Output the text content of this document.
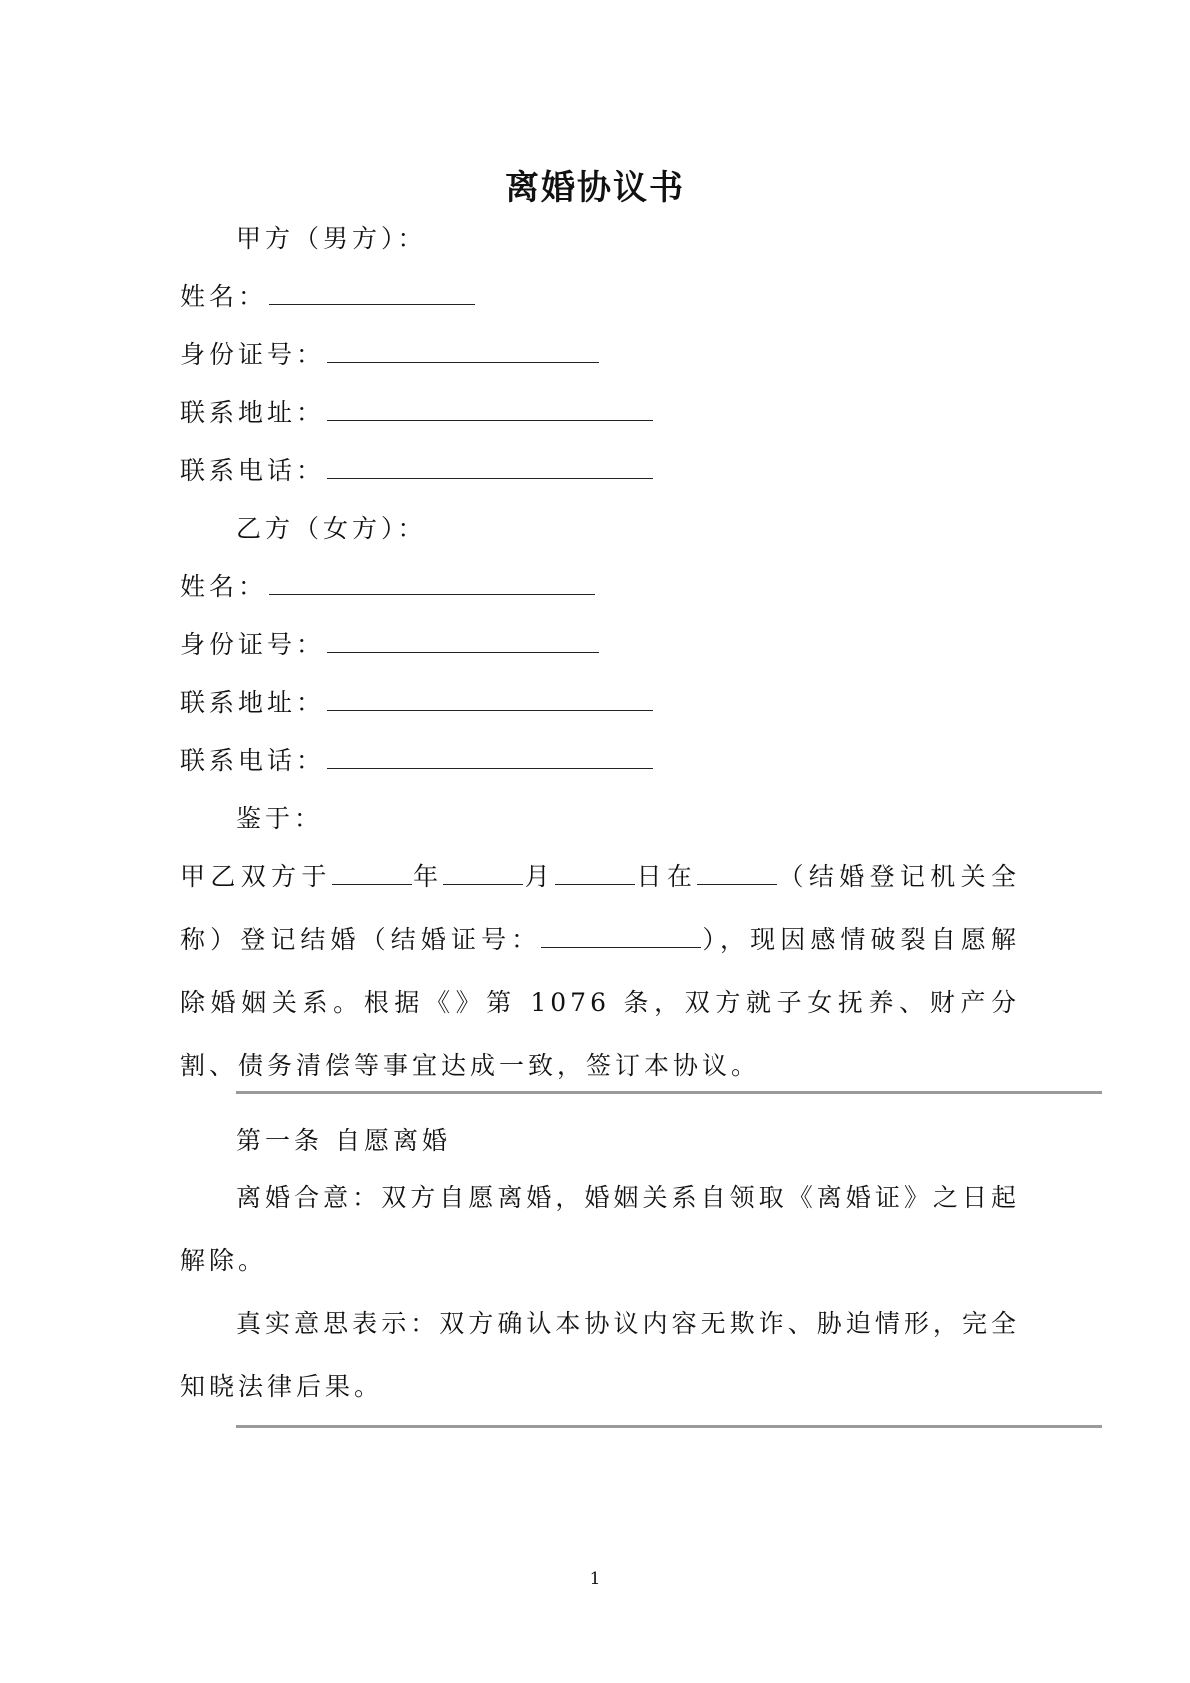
离婚协议书
甲方（男方）：
姓名：
身份证号：
联系地址：
联系电话：
乙方（女方）：
姓名：
身份证号：
联系地址：
联系电话：
鉴于：
甲乙双方于	年	月	日在	（结婚登记机关全称）登记结婚（结婚证号：	），现因感情破裂自愿解除婚姻关系。根据《》第 1076 条，双方就子女抚养、财产分割、债务清偿等事宜达成一致，签订本协议。
第一条 自愿离婚
离婚合意：双方自愿离婚，婚姻关系自领取《离婚证》之日起解除。
真实意思表示：双方确认本协议内容无欺诈、胁迫情形，完全知晓法律后果。
1
